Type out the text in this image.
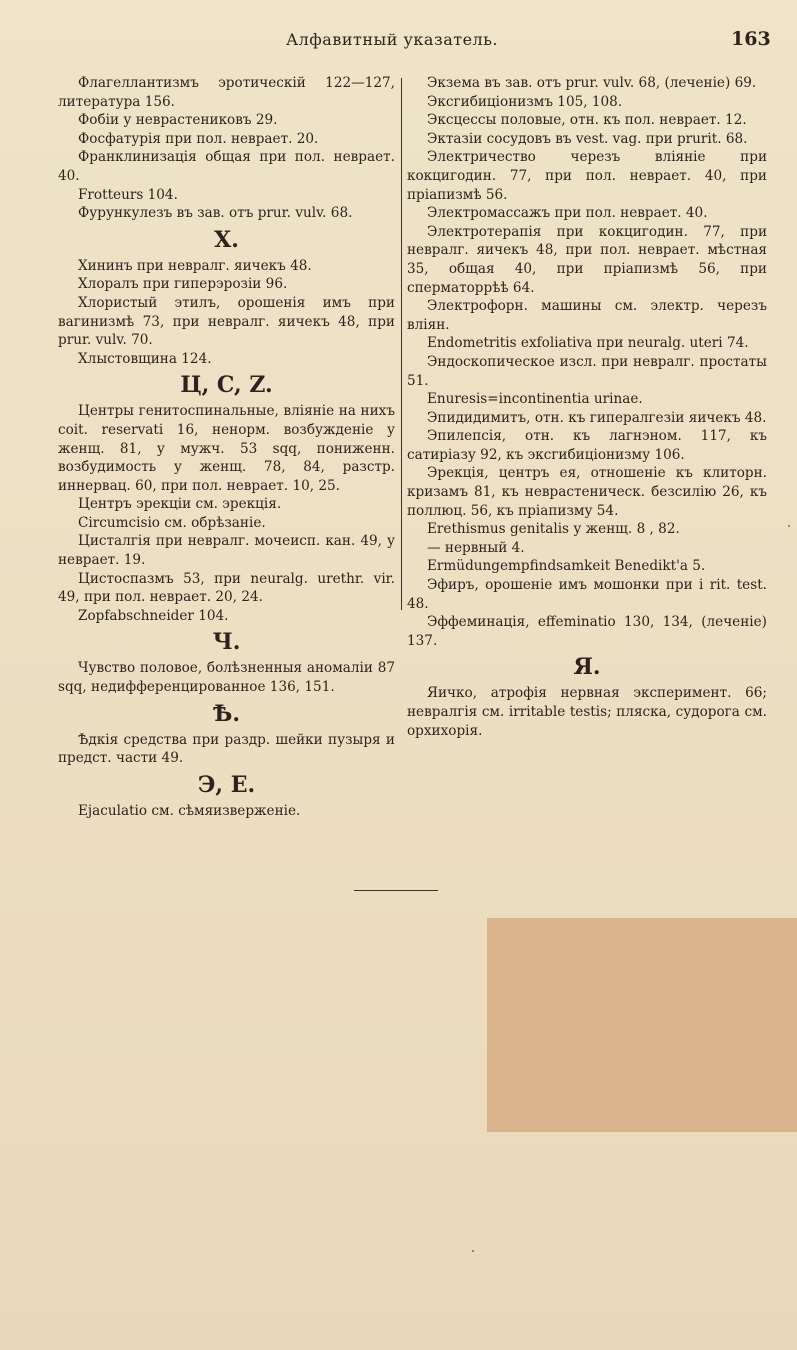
Алфавитный указатель.	163

Флагеллантизмъ эротическій 122—127, литература 156.

Фобіи у неврастениковъ 29.

Фосфатурія при пол. неврает. 20.

Франклинизація общая при пол. неврает. 40.

Frotteurs 104.

Фурункулезъ въ зав. отъ prur. vulv. 68.

Х.

Хининъ при невралг. яичекъ 48.

Хлоралъ при гиперэрозіи 96.

Хлористый этилъ, орошенія имъ при вагинизмѣ 73, при невралг. яичекъ 48, при prur. vulv. 70.

Хлыстовщина 124.

Ц, C, Z.

Центры генитоспинальные, вліяніе на нихъ coit. reservati 16, ненорм. возбужденіе у женщ. 81, у мужч. 53 sqq, пониженн. возбудимость у женщ. 78, 84, разстр. иннервац. 60, при пол. неврает. 10, 25.

Центръ эрекціи см. эрекція.

Circumcisio см. обрѣзаніе.

Цисталгія при невралг. мочеисп. кан. 49, у неврает. 19.

Цистоспазмъ 53, при neuralg. urethr. vir. 49, при пол. неврает. 20, 24.

Zopfabschneider 104.

Ч.

Чувство половое, болѣзненныя аномаліи 87 sqq, недифференцированное 136, 151.

Ѣ.

Ѣдкія средства при раздр. шейки пузыря и предст. части 49.

Э, E.

Ejaculatio см. сѣмяизверженіе.

Экзема въ зав. отъ prur. vulv. 68, (леченіе) 69.

Эксгибиціонизмъ 105, 108.

Эксцессы половые, отн. къ пол. неврает. 12.

Эктазіи сосудовъ въ vest. vag. при prurit. 68.

Электричество черезъ вліяніе при кокцигодин. 77, при пол. неврает. 40, при пріапизмѣ 56.

Электромассажъ при пол. неврает. 40.

Электротерапія при кокцигодин. 77, при невралг. яичекъ 48, при пол. неврает. мѣстная 35, общая 40, при пріапизмѣ 56, при сперматоррѣѣ 64.

Электрофорн. машины см. электр. черезъ вліян.

Endometritis exfoliativa при neuralg. uteri 74.

Эндоскопическое изсл. при невралг. простаты 51.

Enuresis=incontinentia urinae.

Эпидидимитъ, отн. къ гипералгезіи яичекъ 48.

Эпилепсія, отн. къ лагнэном. 117, къ сатиріазу 92, къ эксгибиціонизму 106.

Эрекція, центръ ея, отношеніе къ клиторн. кризамъ 81, къ неврастеническ. безсилію 26, къ поллюц. 56, къ пріапизму 54.

Erethismus genitalis у женщ. 8 , 82.

— нервный 4.

Ermüdungempfindsamkeit Benedikt'a 5.

Эфиръ, орошеніе имъ мошонки при i rit. test. 48.

Эффеминація, effeminatio 130, 134, (леченіе) 137.

Я.

Яичко, атрофія нервная эксперимент. 66; невралгія см. irritable testis; пляска, судорога см. орхихорія.
